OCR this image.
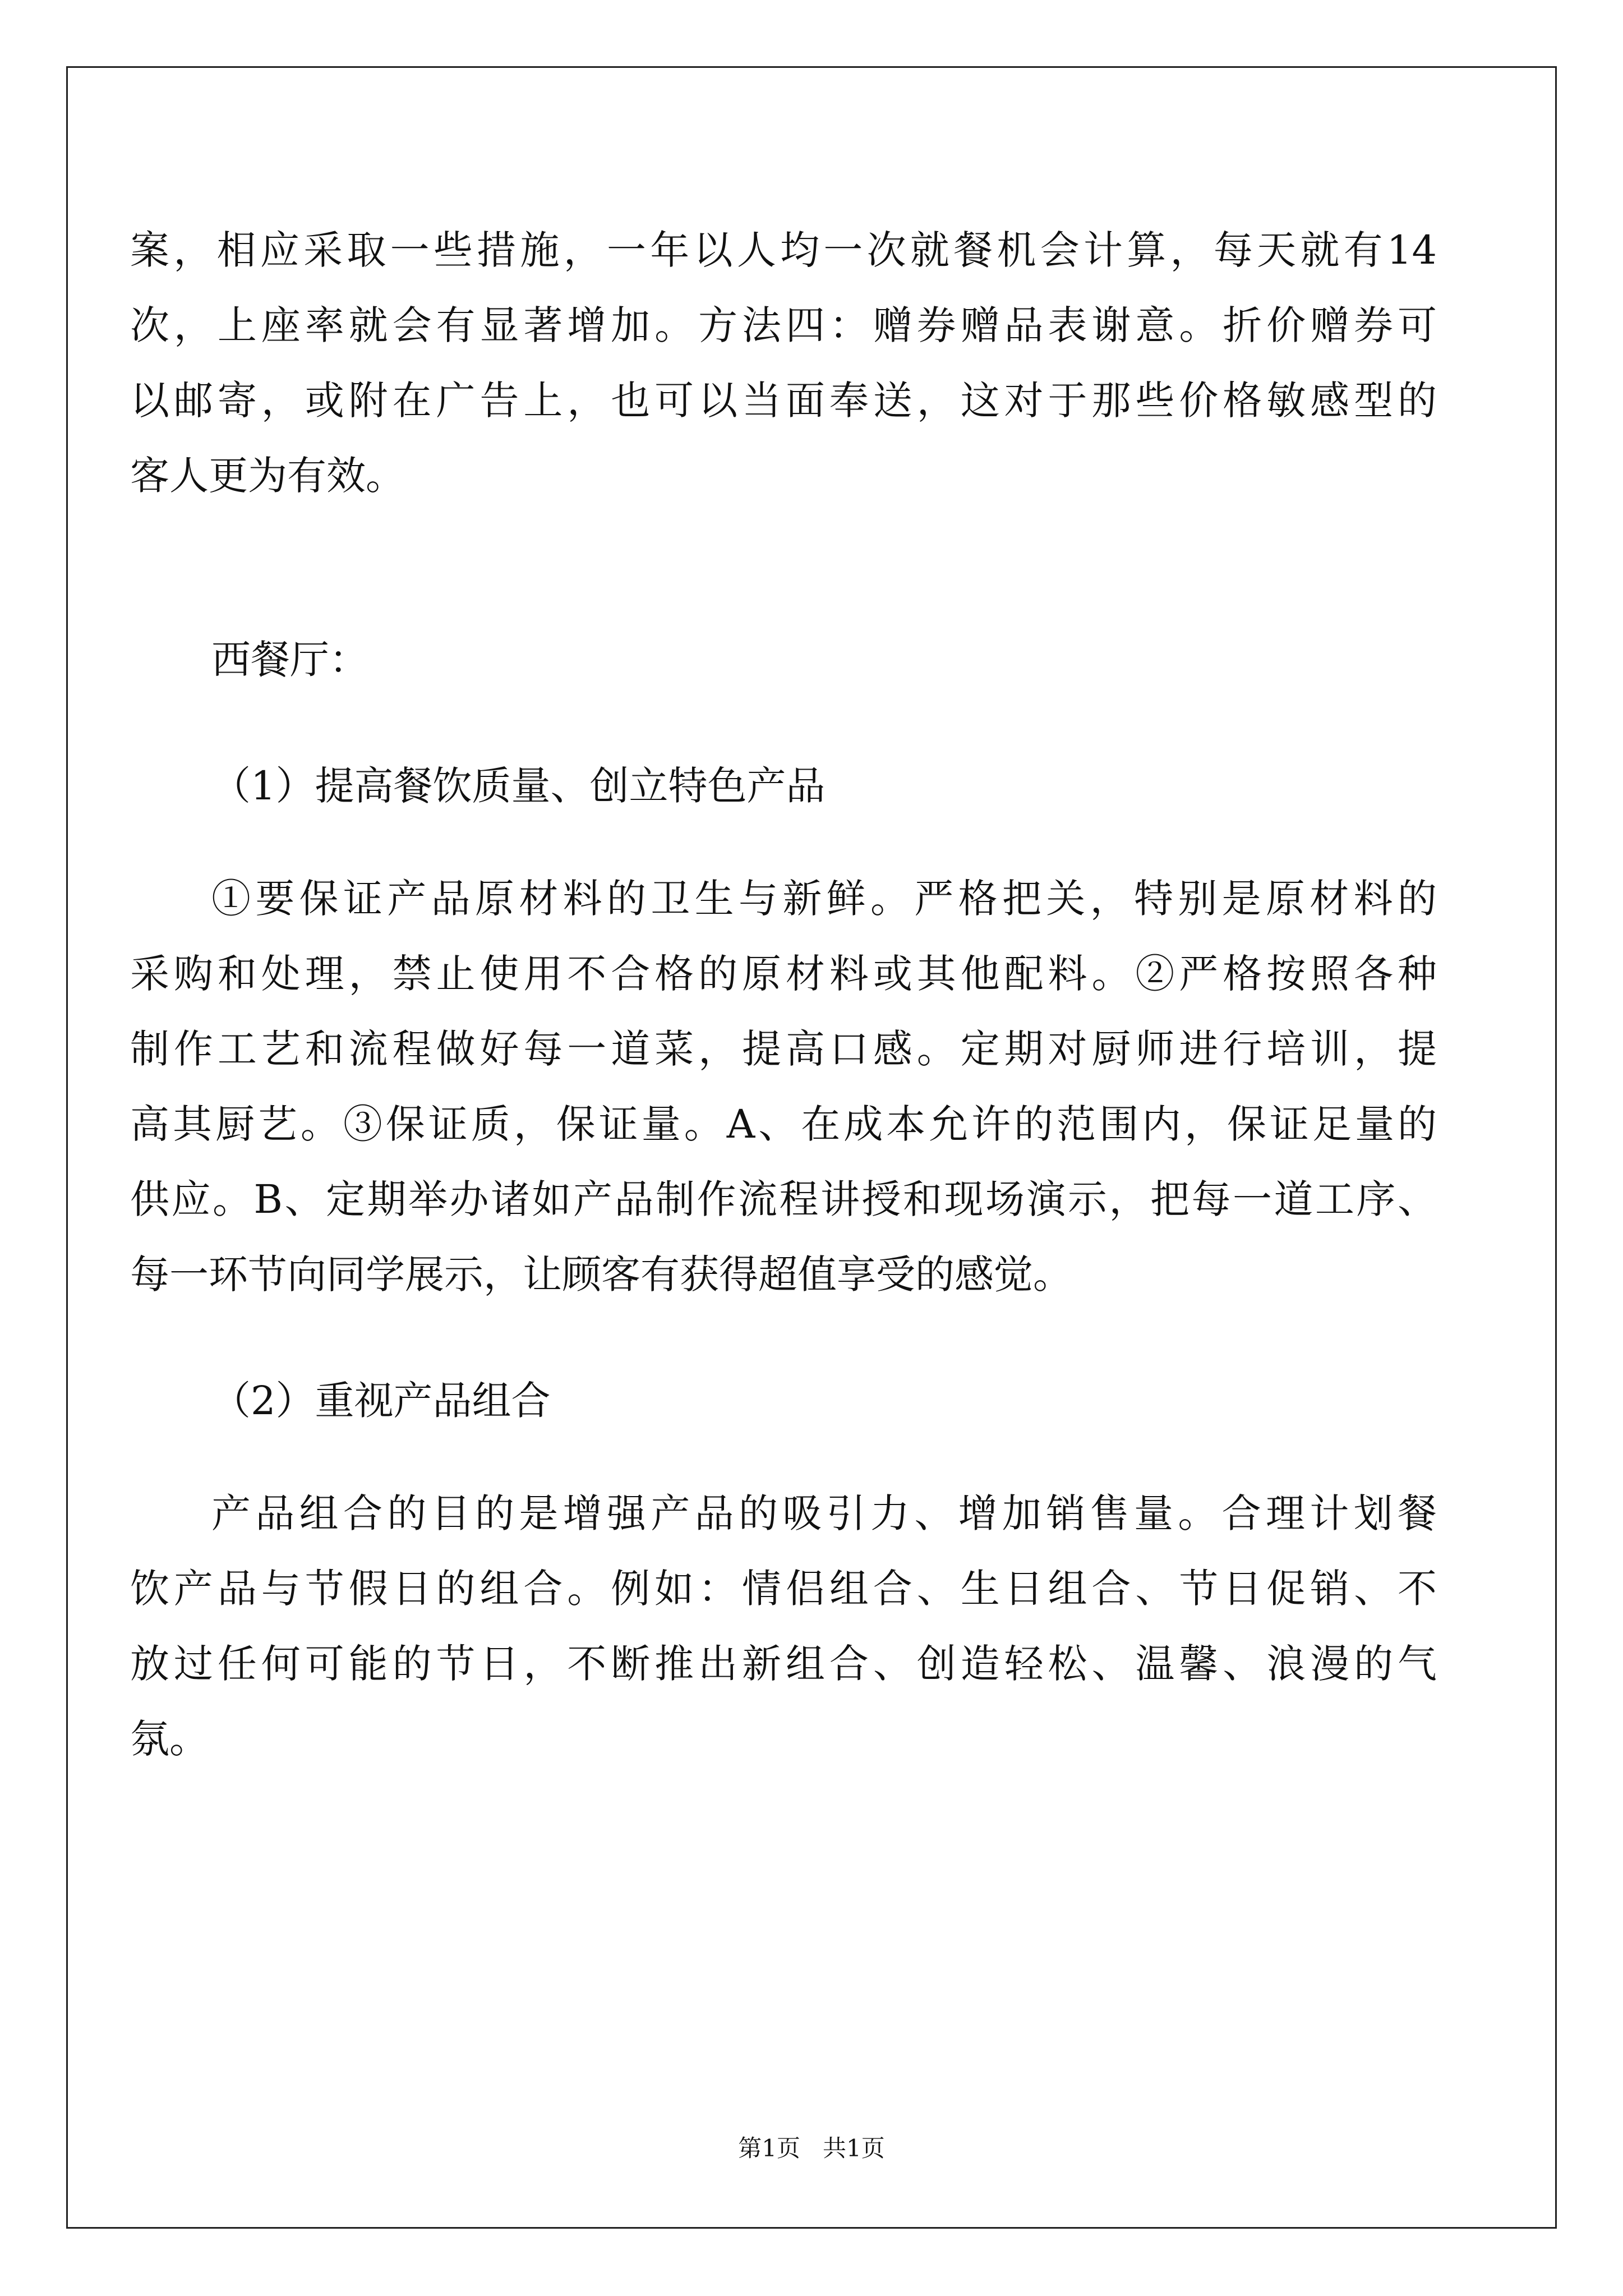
案，相应采取一些措施，一年以人均一次就餐机会计算，每天就有14
次，上座率就会有显著增加。方法四：赠券赠品表谢意。折价赠券可
以邮寄，或附在广告上，也可以当面奉送，这对于那些价格敏感型的
客人更为有效。
西餐厅：
（1）提高餐饮质量、创立特色产品
①要保证产品原材料的卫生与新鲜。严格把关，特别是原材料的
采购和处理，禁止使用不合格的原材料或其他配料。②严格按照各种
制作工艺和流程做好每一道菜，提高口感。定期对厨师进行培训，提
高其厨艺。③保证质，保证量。A、在成本允许的范围内，保证足量的
供应。B、定期举办诸如产品制作流程讲授和现场演示，把每一道工序、
每一环节向同学展示，让顾客有获得超值享受的感觉。
（2）重视产品组合
产品组合的目的是增强产品的吸引力、增加销售量。合理计划餐
饮产品与节假日的组合。例如：情侣组合、生日组合、节日促销、不
放过任何可能的节日，不断推出新组合、创造轻松、温馨、浪漫的气
氛。
第1页 共1页
